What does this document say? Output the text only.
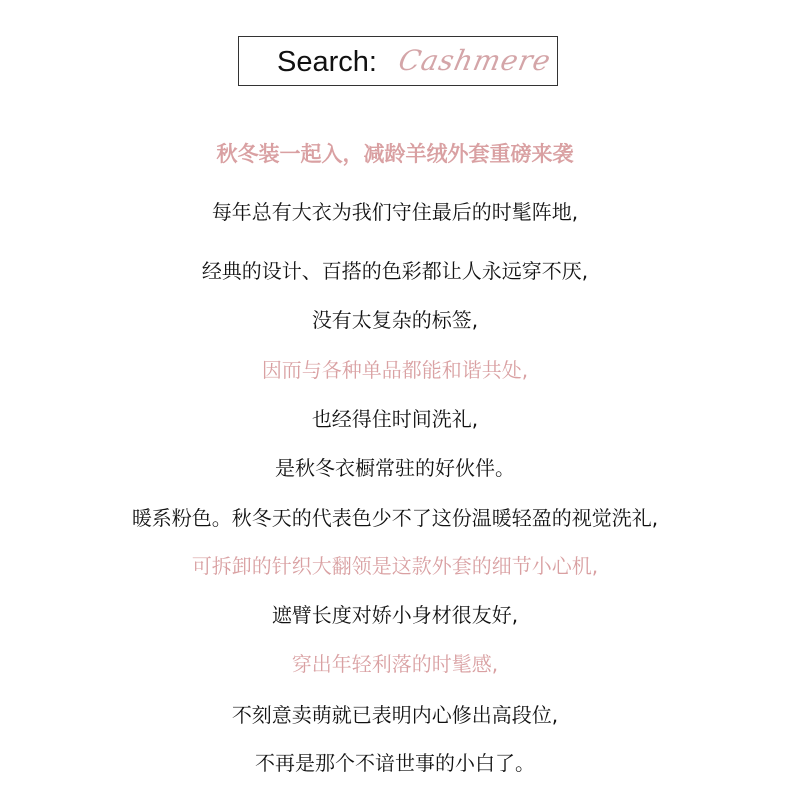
Search: Cashmere
秋冬装一起入，减龄羊绒外套重磅来袭
每年总有大衣为我们守住最后的时髦阵地,
经典的设计、百搭的色彩都让人永远穿不厌,
没有太复杂的标签,
因而与各种单品都能和谐共处,
也经得住时间洗礼,
是秋冬衣橱常驻的好伙伴。
暖系粉色。秋冬天的代表色少不了这份温暖轻盈的视觉洗礼,
可拆卸的针织大翻领是这款外套的细节小心机,
遮臂长度对娇小身材很友好,
穿出年轻利落的时髦感,
不刻意卖萌就已表明内心修出高段位,
不再是那个不谙世事的小白了。
